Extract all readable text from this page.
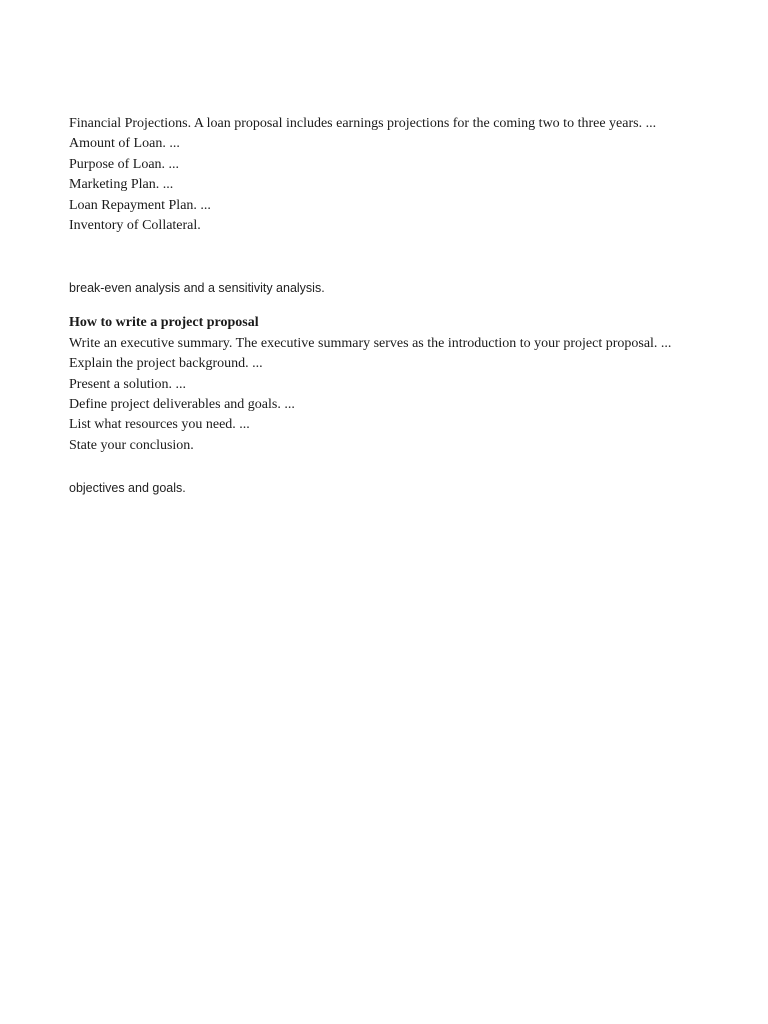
Financial Projections. A loan proposal includes earnings projections for the coming two to three years. ...
Amount of Loan. ...
Purpose of Loan. ...
Marketing Plan. ...
Loan Repayment Plan. ...
Inventory of Collateral.
break-even analysis and a sensitivity analysis.
How to write a project proposal
Write an executive summary. The executive summary serves as the introduction to your project proposal. ...
Explain the project background. ...
Present a solution. ...
Define project deliverables and goals. ...
List what resources you need. ...
State your conclusion.
objectives and goals.
